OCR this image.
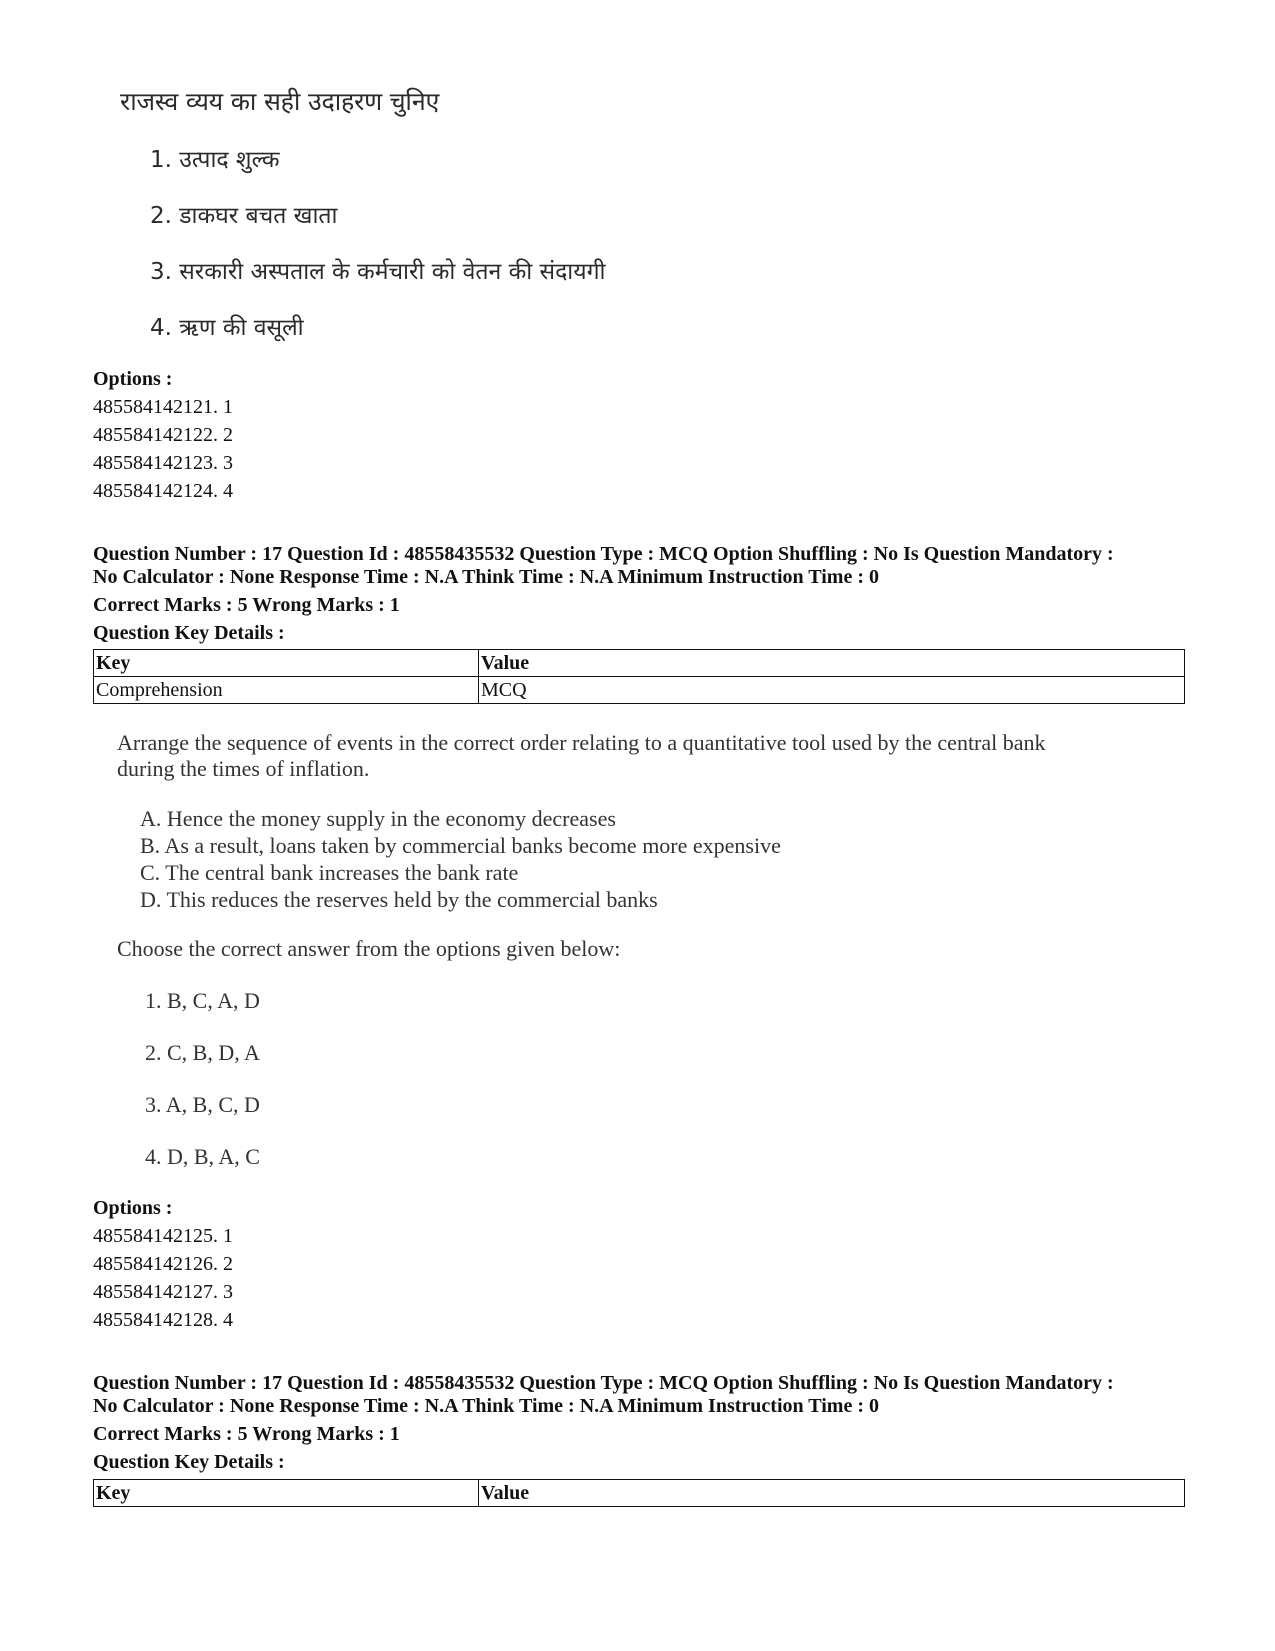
राजस्व व्यय का सही उदाहरण चुनिए
1. उत्पाद शुल्क
2. डाकघर बचत खाता
3. सरकारी अस्पताल के कर्मचारी को वेतन की संदायगी
4. ऋण की वसूली
Options :
485584142121. 1
485584142122. 2
485584142123. 3
485584142124. 4
Question Number : 17 Question Id : 48558435532 Question Type : MCQ Option Shuffling : No Is Question Mandatory :
No Calculator : None Response Time : N.A Think Time : N.A Minimum Instruction Time : 0
Correct Marks : 5 Wrong Marks : 1
Question Key Details :
Key	Value
Comprehension	MCQ
Arrange the sequence of events in the correct order relating to a quantitative tool used by the central bank
during the times of inflation.
A. Hence the money supply in the economy decreases
B. As a result, loans taken by commercial banks become more expensive
C. The central bank increases the bank rate
D. This reduces the reserves held by the commercial banks
Choose the correct answer from the options given below:
1. B, C, A, D
2. C, B, D, A
3. A, B, C, D
4. D, B, A, C
Options :
485584142125. 1
485584142126. 2
485584142127. 3
485584142128. 4
Question Number : 17 Question Id : 48558435532 Question Type : MCQ Option Shuffling : No Is Question Mandatory :
No Calculator : None Response Time : N.A Think Time : N.A Minimum Instruction Time : 0
Correct Marks : 5 Wrong Marks : 1
Question Key Details :
Key	Value
